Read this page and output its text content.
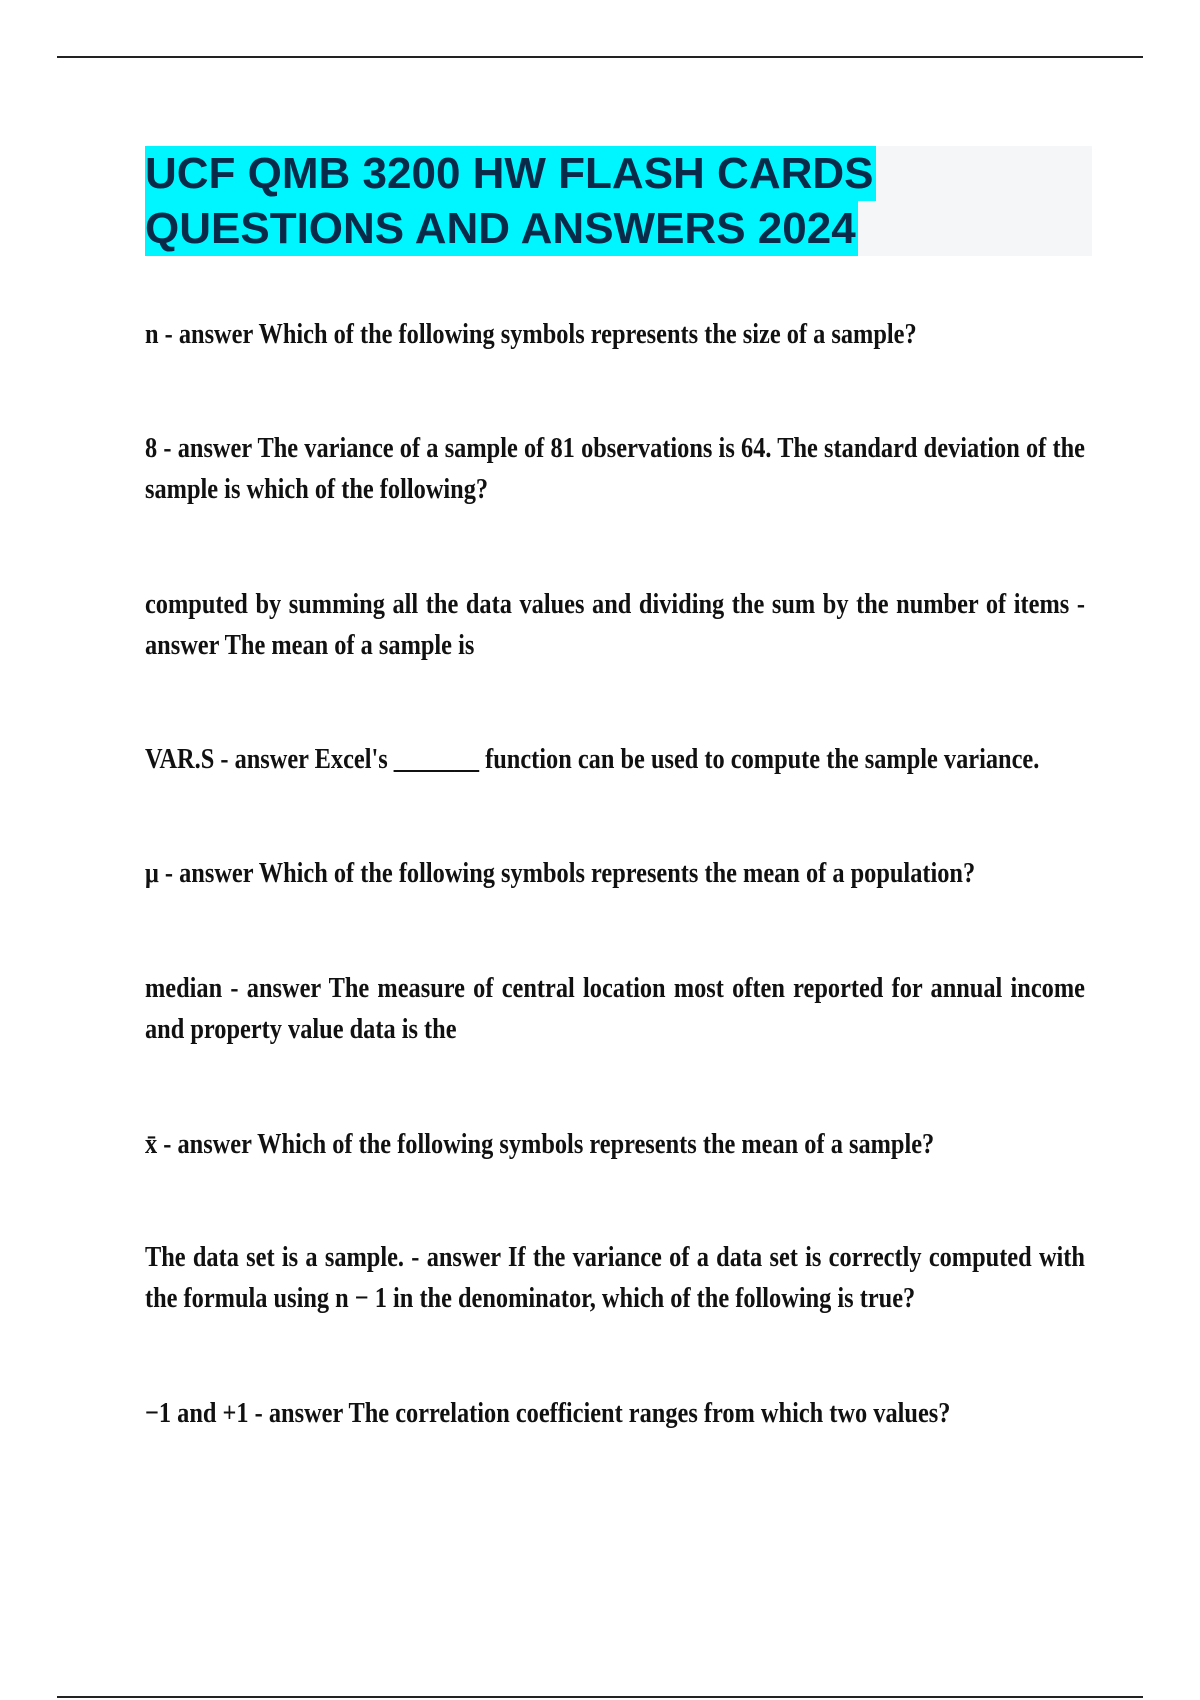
UCF QMB 3200 HW FLASH CARDS
QUESTIONS AND ANSWERS 2024
n - answer Which of the following symbols represents the size of a sample?
8 - answer The variance of a sample of 81 observations is 64. The standard deviation of the sample is which of the following?
computed by summing all the data values and dividing the sum by the number of items - answer The mean of a sample is
VAR.S - answer Excel's _______ function can be used to compute the sample variance.
μ - answer Which of the following symbols represents the mean of a population?
median - answer The measure of central location most often reported for annual income and property value data is the
x̄ - answer Which of the following symbols represents the mean of a sample?
The data set is a sample. - answer If the variance of a data set is correctly computed with the formula using n − 1 in the denominator, which of the following is true?
−1 and +1 - answer The correlation coefficient ranges from which two values?
